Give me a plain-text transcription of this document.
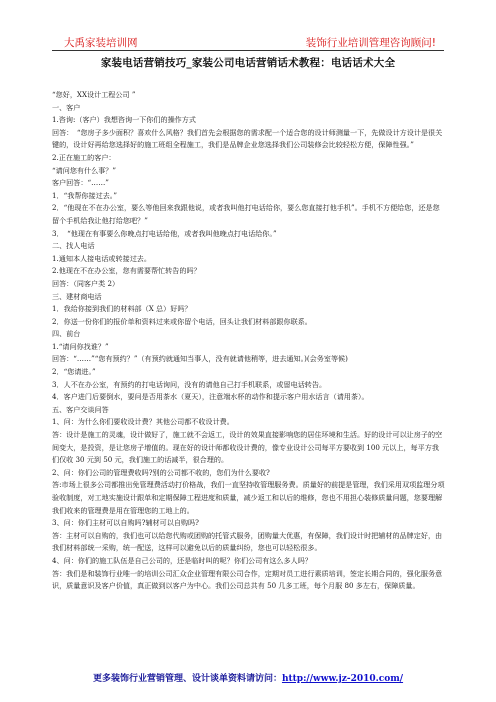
大禹家装培训网	装饰行业培训管理咨询顾问!
家装电话营销技巧_家装公司电话营销话术教程：电话话术大全

“您好，XX设计工程公司 ”

一、客户

1.咨询:（客户）我想咨询一下你们的操作方式

回答：　“您房子多少面积？喜欢什么风格？我们首先会根据您的需求配一个适合您的设计师测量一下，先做设计方设计是很关键的，设计好再给您选择好的施工班组全程施工，我们是品牌企业您选择我们公司装修会比较轻松方便，保障性强。”

2.正在施工的客户：

“请问您有什么事？”

客户回答：“……”

1．“我帮你接过去。”

2．“他现在不在办公室，要么等他回来我跟他说，或者我叫他打电话给你，要么您直接打他手机”。手机不方便给您，还是您留个手机给我让他打给您吧？”

3．　“他现在有事要么你晚点打电话给他，或者我叫他晚点打电话给你。”

二、找人电话

1.通知本人接电话或转接过去。

2.他现在不在办公室，您有需要帮忙转告的吗？

回答：（同客户类 2）

三、建材商电话

1．我给你接到我们的材料部（X 总）好吗？

2．你送一份你们的报价单和资料过来或你留个电话，回头让我们材料部跟你联系。

四、前台

1.“请问你找谁？”

回答：“……”“您有预约？”（有预约就通知当事人，没有就请他稍等，进去通知。)(会务室等候)

2．“您请进。”

3．人不在办公室，有预约的打电话询问，没有的请他自己打手机联系，或留电话转告。

4．客户进门后要倒水，要问是否用茶水（夏天），注意端水杯的动作和提示客户用水话言（请用茶）。

五、客户交谈问答

1、问：为什么你们要收设计费？其他公司都不收设计费。

答：设计是施工的灵魂，设计做好了，施工就不会返工，设计的效果直接影响您的居住环境和生活。好的设计可以让房子的空间变大，是投资，是让您房子增值的。现在好的设计师都收设计费的，像专业设计公司每平方要收到 100 元以上，每平方我们仅收 30 元到 50 元，我们施工的话减半，很合理的。

2、问：你们公司的管理费收吗?别的公司都不收的，您们为什么要收?

答:市场上很多公司都推出免管理费活动打价格战，我们一直坚持收管理服务费。质量好的前提是管理，我们采用双项监理分项验收制度，对工地实施设计跟单和定期保障工程进度和质量，减少返工和以后的维修，您也不用担心装修质量问题，您要理解我们收来的管理费是用在管理您的工地上的。

3、问：你们主材可以自购吗?辅材可以自购吗?

答：主材可以自购的，我们也可以给您代购或团购的托管式服务，团购量大优惠，有保障，我们设计时把辅材的品牌定好，由我们材料部统一采购，统一配送，这样可以避免以后的质量纠纷，您也可以轻松很多。

4、问：你们的施工队伍是自己公司的，还是临时叫的呢？你们公司有这么多人吗？

答：我们是和装饰行业唯一的培训公司汇众企业管理有限公司合作，定期对员工进行素质培训，签定长期合同的，强化服务意识，质量意识及客户价值，真正做到以客户为中心。我们公司总共有 50 几多工班，每个月服 80 多左右，保障质量。

更多装饰行业营销管理、设计谈单资料请访问：http://www.jz-2010.com/
